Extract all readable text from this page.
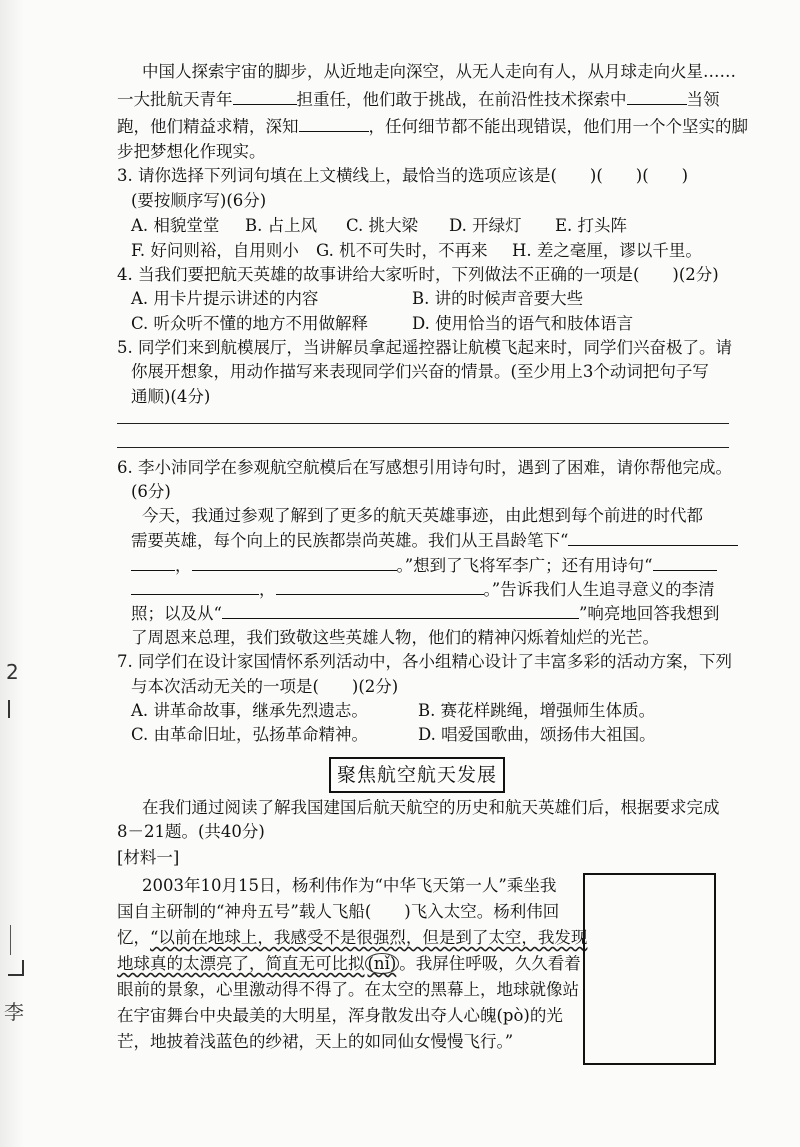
中国人探索宇宙的脚步，从近地走向深空，从无人走向有人，从月球走向火星……
一大批航天青年	担重任，他们敢于挑战，在前沿性技术探索中	当领
跑，他们精益求精，深知	，任何细节都不能出现错误，他们用一个个坚实的脚
步把梦想化作现实。
3. 请你选择下列词句填在上文横线上，最恰当的选项应该是(　　)(　　)(　　)
(要按顺序写)(6分)
A. 相貌堂堂 B. 占上风 C. 挑大梁 D. 开绿灯 E. 打头阵
F. 好问则裕，自用则小 G. 机不可失时，不再来 H. 差之毫厘，谬以千里。
4. 当我们要把航天英雄的故事讲给大家听时，下列做法不正确的一项是(　　)(2分)
A. 用卡片提示讲述的内容	B. 讲的时候声音要大些
C. 听众听不懂的地方不用做解释	D. 使用恰当的语气和肢体语言
5. 同学们来到航模展厅，当讲解员拿起遥控器让航模飞起来时，同学们兴奋极了。请
你展开想象，用动作描写来表现同学们兴奋的情景。(至少用上3个动词把句子写
通顺)(4分)
6. 李小沛同学在参观航空航模后在写感想引用诗句时，遇到了困难，请你帮他完成。
(6分)
今天，我通过参观了解到了更多的航天英雄事迹，由此想到每个前进的时代都
需要英雄，每个向上的民族都崇尚英雄。我们从王昌龄笔下“
，	。”想到了飞将军李广；还有用诗句“
，	。”告诉我们人生追寻意义的李清
照；以及从“	”响亮地回答我想到
了周恩来总理，我们致敬这些英雄人物，他们的精神闪烁着灿烂的光芒。
7. 同学们在设计家国情怀系列活动中，各小组精心设计了丰富多彩的活动方案，下列
与本次活动无关的一项是(　　)(2分)
A. 讲革命故事，继承先烈遗志。	B. 赛花样跳绳，增强师生体质。
C. 由革命旧址，弘扬革命精神。	D. 唱爱国歌曲，颂扬伟大祖国。
聚焦航空航天发展
在我们通过阅读了解我国建国后航天航空的历史和航天英雄们后，根据要求完成
8－21题。(共40分)
[材料一]
2003年10月15日，杨利伟作为“中华飞天第一人”乘坐我
国自主研制的“神舟五号”载人飞船(　　)飞入太空。杨利伟回
忆，“以前在地球上，我感受不是很强烈，但是到了太空，我发现
地球真的太漂亮了，简直无可比拟 (nǐ) 。我屏住呼吸，久久看着
眼前的景象，心里激动得不得了。在太空的黑幕上，地球就像站
在宇宙舞台中央最美的大明星，浑身散发出夺人心魄(pò)的光
芒，地披着浅蓝色的纱裙，天上的如同仙女慢慢飞行。”
2
李
